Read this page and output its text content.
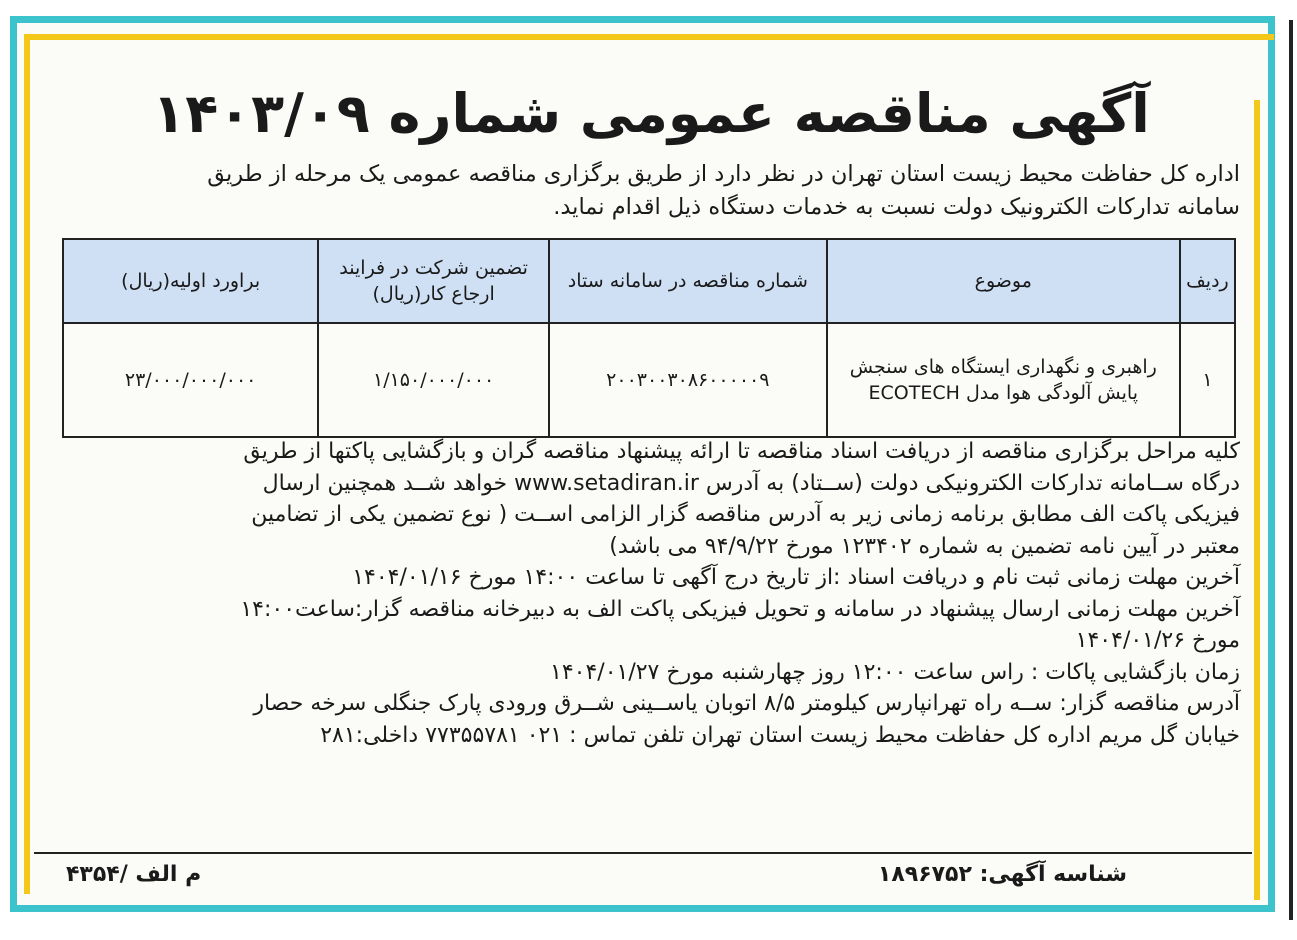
آگهی مناقصه عمومی شماره ۱۴۰۳/۰۹

اداره کل حفاظت محیط زیست استان تهران در نظر دارد از طریق برگزاری مناقصه عمومی یک مرحله از طریق

سامانه تدارکات الکترونیک دولت نسبت به خدمات دستگاه ذیل اقدام نماید.

ردیف	موضوع	شماره مناقصه در سامانه ستاد	تضمین شرکت در فرایند ارجاع کار(ریال)	براورد اولیه(ریال)
۱	راهبری و نگهداری ایستگاه های سنجش پایش آلودگی هوا مدل ECOTECH	۲۰۰۳۰۰۳۰۸۶۰۰۰۰۰۹	۱/۱۵۰/۰۰۰/۰۰۰	۲۳/۰۰۰/۰۰۰/۰۰۰

کلیه مراحل برگزاری مناقصه از دریافت اسناد مناقصه تا ارائه پیشنهاد مناقصه گران و بازگشایی پاکتها از طریق

درگاه ســامانه تدارکات الکترونیکی دولت (ســتاد) به آدرس www.setadiran.ir خواهد شــد همچنین ارسال

فیزیکی پاکت الف مطابق برنامه زمانی زیر به آدرس مناقصه گزار الزامی اســت ( نوع تضمین یکی از تضامین

معتبر در آیین نامه تضمین به شماره ۱۲۳۴۰۲ مورخ ۹۴/۹/۲۲ می باشد)

آخرین مهلت زمانی ثبت نام و دریافت اسناد :از تاریخ درج آگهی تا ساعت ۱۴:۰۰ مورخ ۱۴۰۴/۰۱/۱۶

آخرین مهلت زمانی ارسال پیشنهاد در سامانه و تحویل فیزیکی پاکت الف به دبیرخانه مناقصه گزار:ساعت۱۴:۰۰

مورخ ۱۴۰۴/۰۱/۲۶

زمان بازگشایی پاکات : راس ساعت ۱۲:۰۰ روز چهارشنبه مورخ ۱۴۰۴/۰۱/۲۷

آدرس مناقصه گزار: ســه راه تهرانپارس کیلومتر ۸/۵ اتوبان یاســینی شــرق ورودی پارک جنگلی سرخه حصار

خیابان گل مریم اداره کل حفاظت محیط زیست استان تهران تلفن تماس : ۰۲۱ ۷۷۳۵۵۷۸۱ داخلی:۲۸۱

شناسه آگهی: ۱۸۹۶۷۵۲
م الف /۴۳۵۴
